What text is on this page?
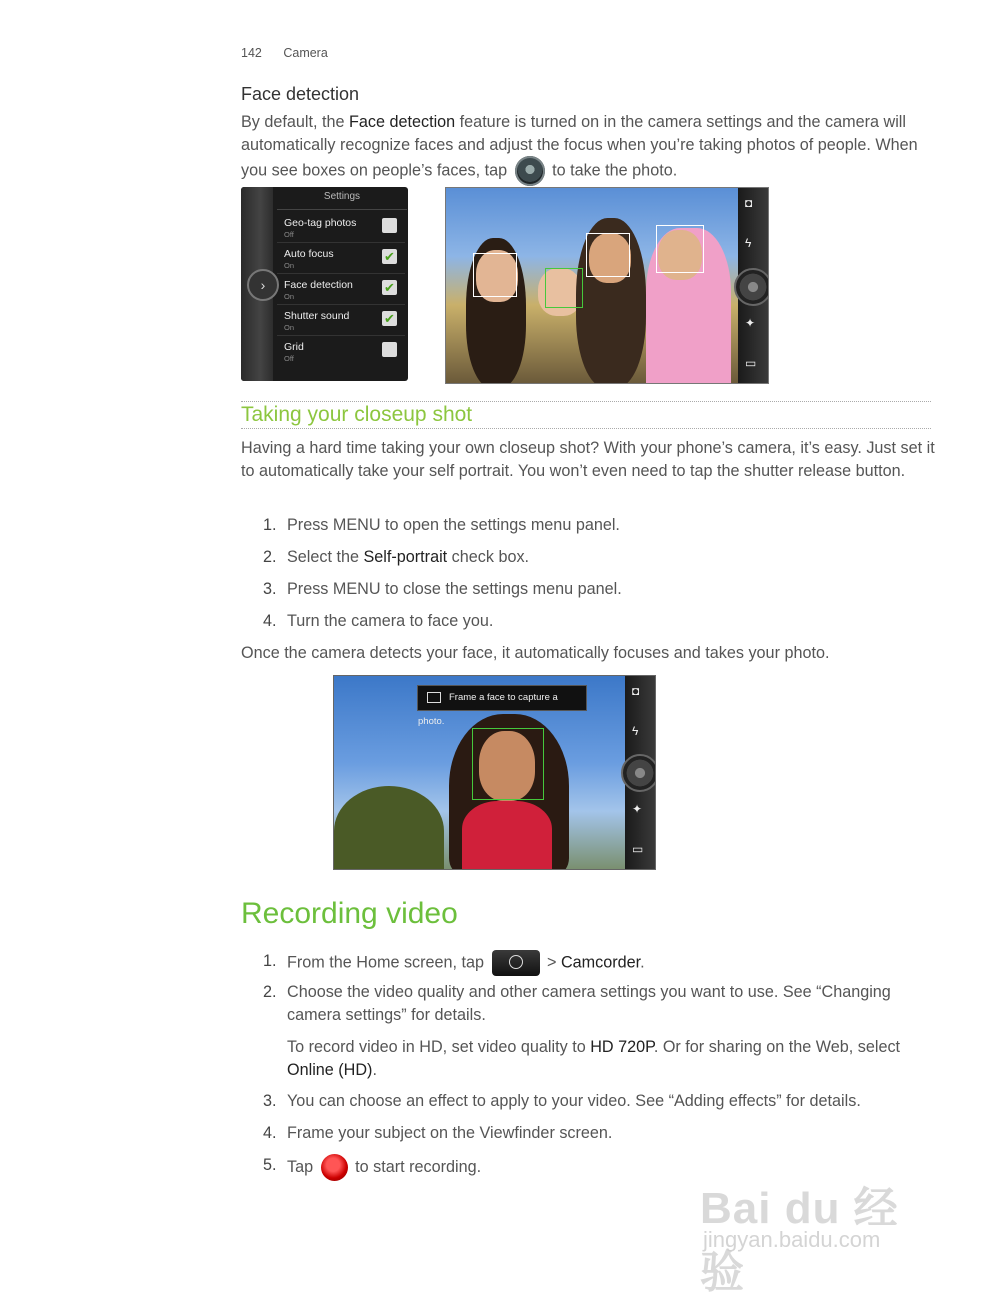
142 Camera
Face detection
By default, the Face detection feature is turned on in the camera settings and the camera will automatically recognize faces and adjust the focus when you’re taking photos of people. When you see boxes on people’s faces, tap  to take the photo.
›
Settings
Geo-tag photos
Off
Auto focus
On
✔
Face detection
On
✔
Shutter sound
On
✔
Grid
Off
◘
ϟ
✦
▭
Taking your closeup shot
Having a hard time taking your own closeup shot? With your phone’s camera, it’s easy. Just set it to automatically take your self portrait. You won’t even need to tap the shutter release button.
1. Press MENU to open the settings menu panel.
2. Select the Self-portrait check box.
3. Press MENU to close the settings menu panel.
4. Turn the camera to face you.
Once the camera detects your face, it automatically focuses and takes your photo.
Frame a face to capture a photo.
◘
ϟ
✦
▭
Recording video
1. From the Home screen, tap	> Camcorder.
2. Choose the video quality and other camera settings you want to use. See “Changing camera settings” for details.
To record video in HD, set video quality to HD 720P. Or for sharing on the Web, select Online (HD).
3. You can choose an effect to apply to your video. See “Adding effects” for details.
4. Frame your subject on the Viewfinder screen.
5. Tap  to start recording.
Bai du 经验
jingyan.baidu.com
